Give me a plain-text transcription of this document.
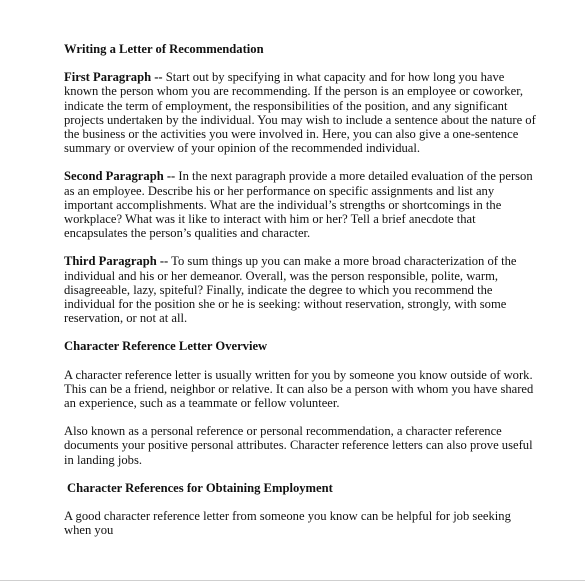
Writing a Letter of Recommendation
First Paragraph -- Start out by specifying in what capacity and for how long you have known the person whom you are recommending. If the person is an employee or coworker, indicate the term of employment, the responsibilities of the position, and any significant projects undertaken by the individual. You may wish to include a sentence about the nature of the business or the activities you were involved in. Here, you can also give a one-sentence summary or overview of your opinion of the recommended individual.
Second Paragraph -- In the next paragraph provide a more detailed evaluation of the person as an employee. Describe his or her performance on specific assignments and list any important accomplishments. What are the individual’s strengths or shortcomings in the workplace? What was it like to interact with him or her? Tell a brief anecdote that encapsulates the person’s qualities and character.
Third Paragraph -- To sum things up you can make a more broad characterization of the individual and his or her demeanor. Overall, was the person responsible, polite, warm, disagreeable, lazy, spiteful? Finally, indicate the degree to which you recommend the individual for the position she or he is seeking: without reservation, strongly, with some reservation, or not at all.
Character Reference Letter Overview
A character reference letter is usually written for you by someone you know outside of work. This can be a friend, neighbor or relative. It can also be a person with whom you have shared an experience, such as a teammate or fellow volunteer.
Also known as a personal reference or personal recommendation, a character reference documents your positive personal attributes. Character reference letters can also prove useful in landing jobs.
Character References for Obtaining Employment
A good character reference letter from someone you know can be helpful for job seeking when you
